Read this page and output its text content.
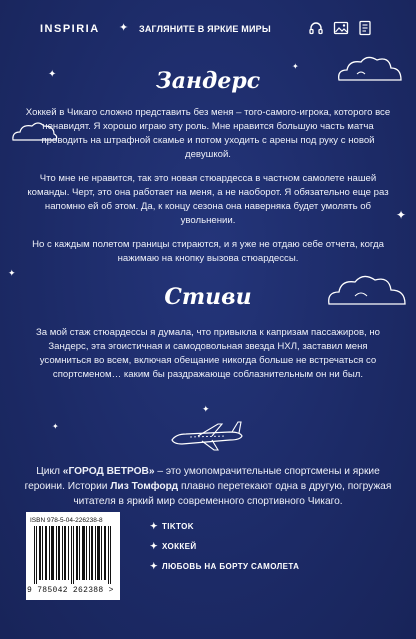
INSPIRIA ✦ ЗАГЛЯНИТЕ В ЯРКИЕ МИРЫ
✦
✦
✦
✦
✦
✦
Зандерс
Хоккей в Чикаго сложно представить без меня – того-самого-игрока, которого все ненавидят. Я хорошо играю эту роль. Мне нравится большую часть матча проводить на штрафной скамье и потом уходить с арены под руку с новой девушкой.
Что мне не нравится, так это новая стюардесса в частном самолете нашей команды. Черт, это она работает на меня, а не наоборот. Я обязательно еще раз напомню ей об этом. Да, к концу сезона она наверняка будет умолять об увольнении.
Но с каждым полетом границы стираются, и я уже не отдаю себе отчета, когда нажимаю на кнопку вызова стюардессы.
Стиви
За мой стаж стюардессы я думала, что привыкла к капризам пассажиров, но Зандерс, эта эгоистичная и самодовольная звезда НХЛ, заставил меня усомниться во всем, включая обещание никогда больше не встречаться со спортсменом… каким бы раздражающе соблазнительным он ни был.
Цикл «ГОРОД ВЕТРОВ» – это умопомрачительные спортсмены и яркие героини. Истории Лиз Томфорд плавно перетекают одна в другую, погружая читателя в яркий мир современного спортивного Чикаго.
ISBN 978-5-04-226238-8
9 785042 262388 >
✦ TIKTOK
✦ ХОККЕЙ
✦ ЛЮБОВЬ НА БОРТУ САМОЛЕТА
